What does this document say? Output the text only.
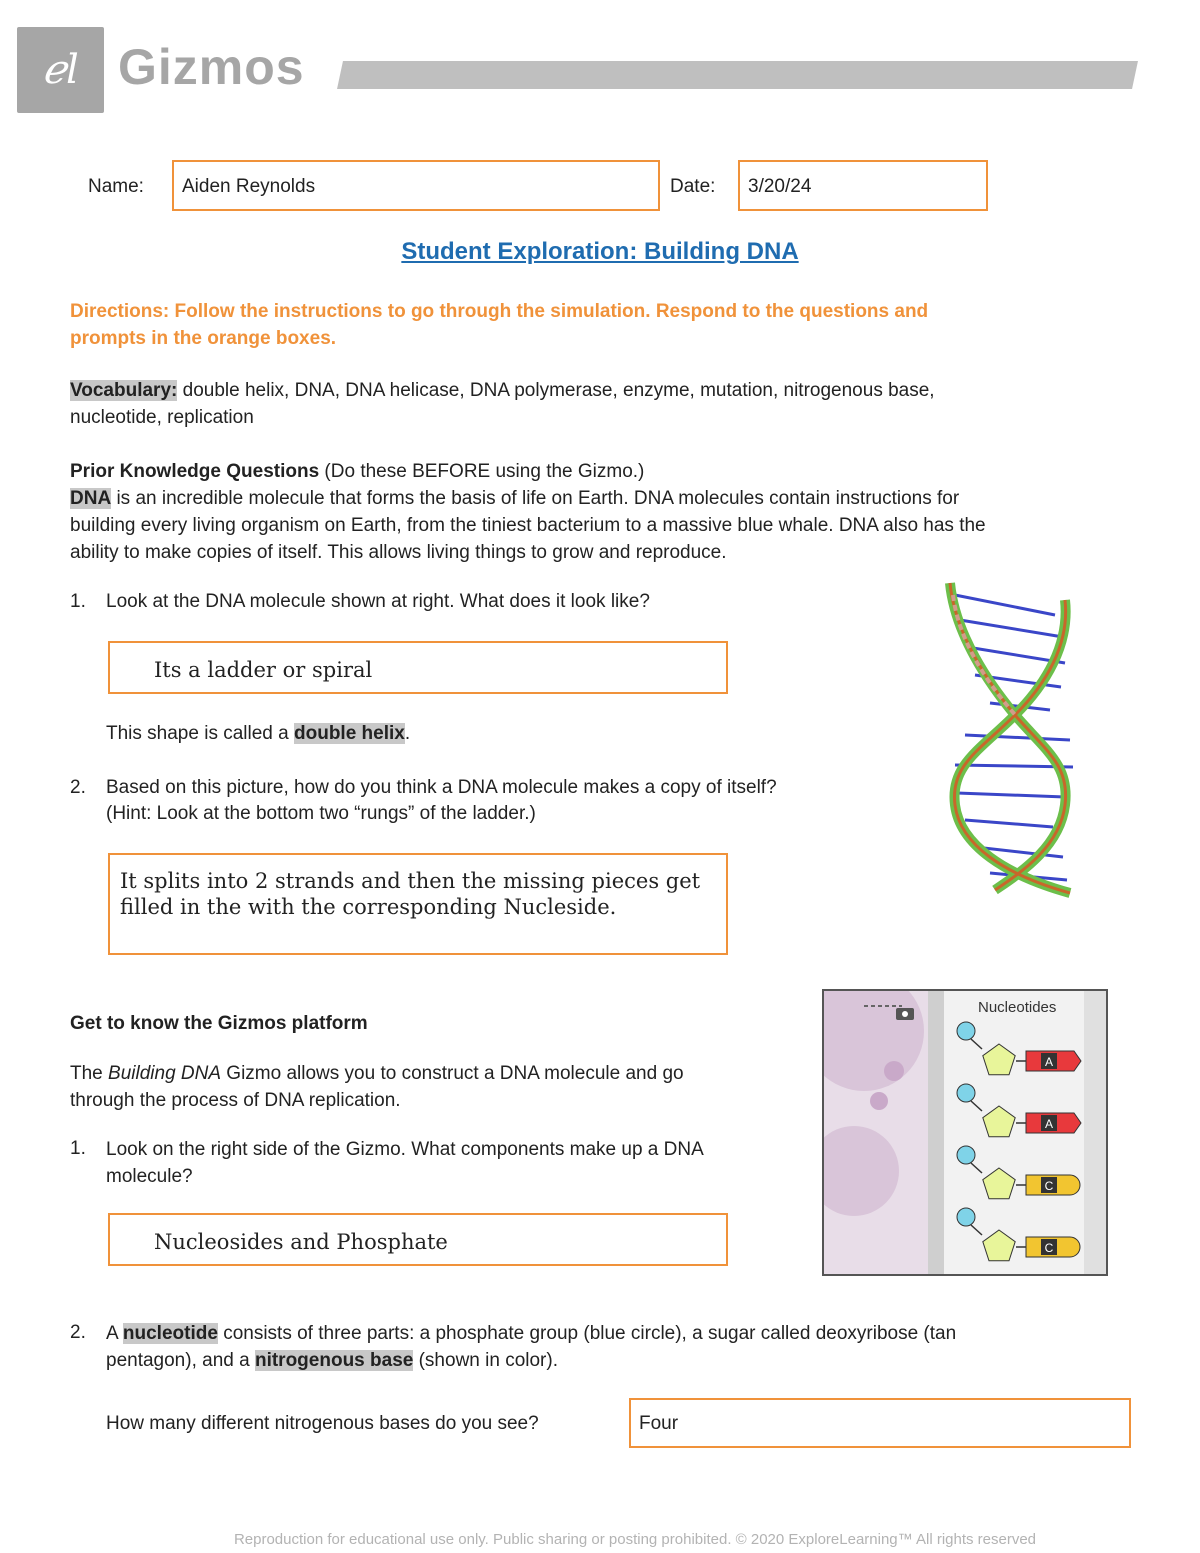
ℯl Gizmos
Name: Aiden Reynolds	Date: 3/20/24
Student Exploration: Building DNA
Directions: Follow the instructions to go through the simulation. Respond to the questions and
prompts in the orange boxes.
Vocabulary: double helix, DNA, DNA helicase, DNA polymerase, enzyme, mutation, nitrogenous base,
nucleotide, replication
Prior Knowledge Questions (Do these BEFORE using the Gizmo.)
DNA is an incredible molecule that forms the basis of life on Earth. DNA molecules contain instructions for
building every living organism on Earth, from the tiniest bacterium to a massive blue whale. DNA also has the
ability to make copies of itself. This allows living things to grow and reproduce.
1. Look at the DNA molecule shown at right. What does it look like?
Its a ladder or spiral
This shape is called a double helix.
2. Based on this picture, how do you think a DNA molecule makes a copy of itself?
(Hint: Look at the bottom two “rungs” of the ladder.)
It splits into 2 strands and then the missing pieces get
filled in the with the corresponding Nucleside.
Get to know the Gizmos platform
The Building DNA Gizmo allows you to construct a DNA molecule and go
through the process of DNA replication.
1. Look on the right side of the Gizmo. What components make up a DNA
molecule?
Nucleosides and Phosphate
Nucleotides
A
A
C
C
2. A nucleotide consists of three parts: a phosphate group (blue circle), a sugar called deoxyribose (tan
pentagon), and a nitrogenous base (shown in color).
How many different nitrogenous bases do you see?	Four
Reproduction for educational use only. Public sharing or posting prohibited. © 2020 ExploreLearning™ All rights reserved
